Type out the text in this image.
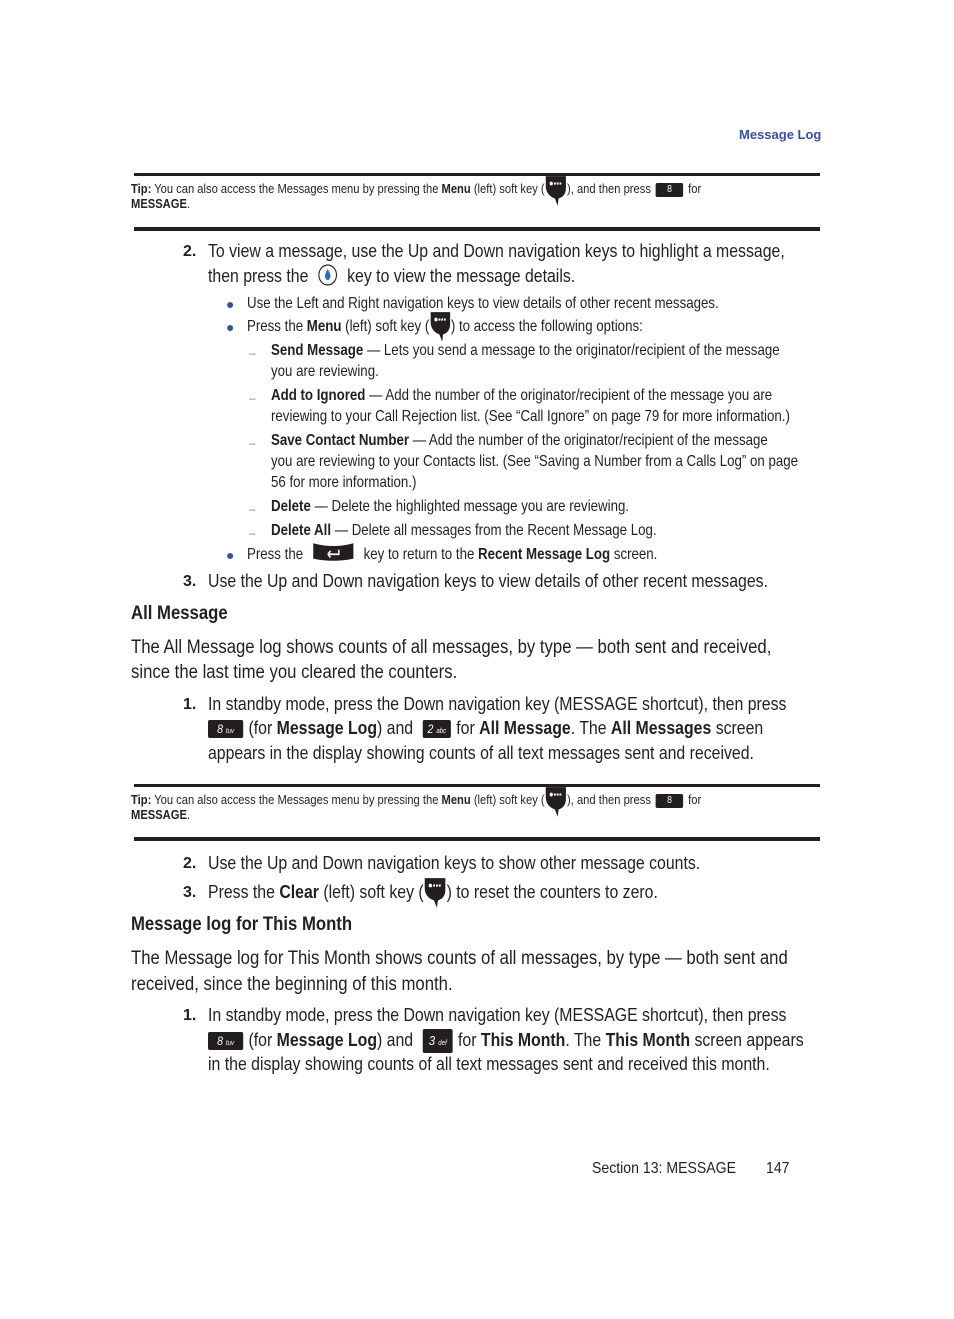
Message Log
Tip: You can also access the Messages menu by pressing the Menu (left) soft key ( ), and then press 8 for
MESSAGE.
2. To view a message, use the Up and Down navigation keys to highlight a message,
then press the key to view the message details.
● Use the Left and Right navigation keys to view details of other recent messages.
● Press the Menu (left) soft key ( ) to access the following options:
– Send Message — Lets you send a message to the originator/recipient of the message
you are reviewing.
– Add to Ignored — Add the number of the originator/recipient of the message you are
reviewing to your Call Rejection list. (See “Call Ignore” on page 79 for more information.)
– Save Contact Number — Add the number of the originator/recipient of the message
you are reviewing to your Contacts list. (See “Saving a Number from a Calls Log” on page
56 for more information.)
– Delete — Delete the highlighted message you are reviewing.
– Delete All — Delete all messages from the Recent Message Log.
● Press the	key to return to the Recent Message Log screen.
3. Use the Up and Down navigation keys to view details of other recent messages.
All Message
The All Message log shows counts of all messages, by type — both sent and received,
since the last time you cleared the counters.
1. In standby mode, press the Down navigation key (MESSAGE shortcut), then press
8 tuv (for Message Log) and 2 abc for All Message. The All Messages screen
appears in the display showing counts of all text messages sent and received.
Tip: You can also access the Messages menu by pressing the Menu (left) soft key ( ), and then press 8 for
MESSAGE.
2. Use the Up and Down navigation keys to show other message counts.
3. Press the Clear (left) soft key ( ) to reset the counters to zero.
Message log for This Month
The Message log for This Month shows counts of all messages, by type — both sent and
received, since the beginning of this month.
1. In standby mode, press the Down navigation key (MESSAGE shortcut), then press
8 tuv (for Message Log) and 3 def for This Month. The This Month screen appears
in the display showing counts of all text messages sent and received this month.
Section 13: MESSAGE	147
